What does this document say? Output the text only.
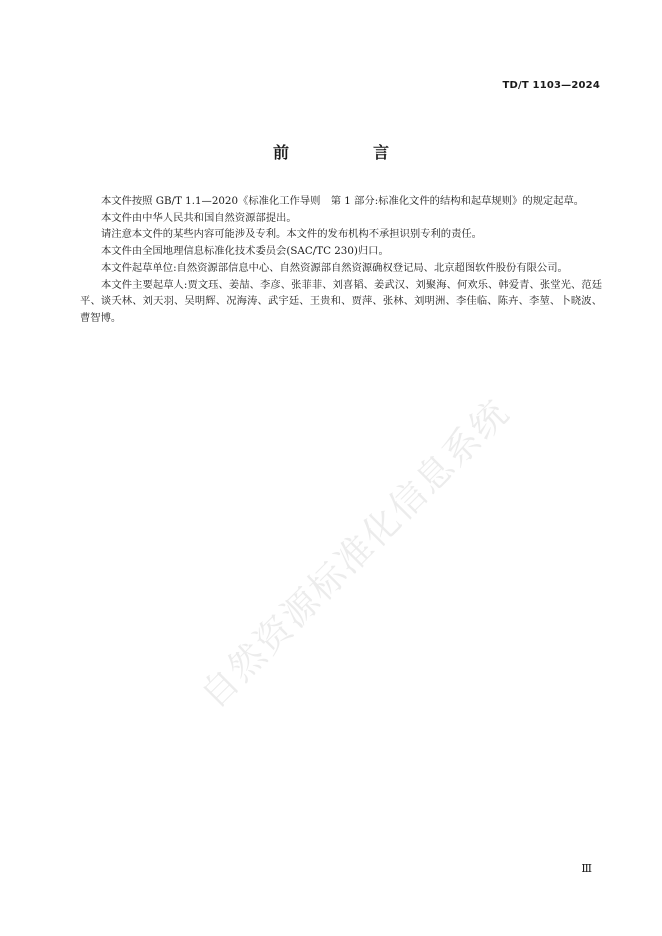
TD/T 1103—2024
前　言

本文件按照 GB/T 1.1—2020《标准化工作导则　第 1 部分:标准化文件的结构和起草规则》的规定起草。

本文件由中华人民共和国自然资源部提出。

请注意本文件的某些内容可能涉及专利。本文件的发布机构不承担识别专利的责任。

本文件由全国地理信息标准化技术委员会(SAC/TC 230)归口。

本文件起草单位:自然资源部信息中心、自然资源部自然资源确权登记局、北京超图软件股份有限公司。

本文件主要起草人:贾文珏、姜喆、李彦、张菲菲、刘喜韬、姜武汉、刘聚海、何欢乐、韩爱青、张堂光、范廷平、谈夭林、刘天羽、吴明辉、况海涛、武宇廷、王贵和、贾萍、张林、刘明洲、李佳临、陈卉、李堃、卜晓波、曹智博。

自然资源标准化信息系统
Ⅲ
